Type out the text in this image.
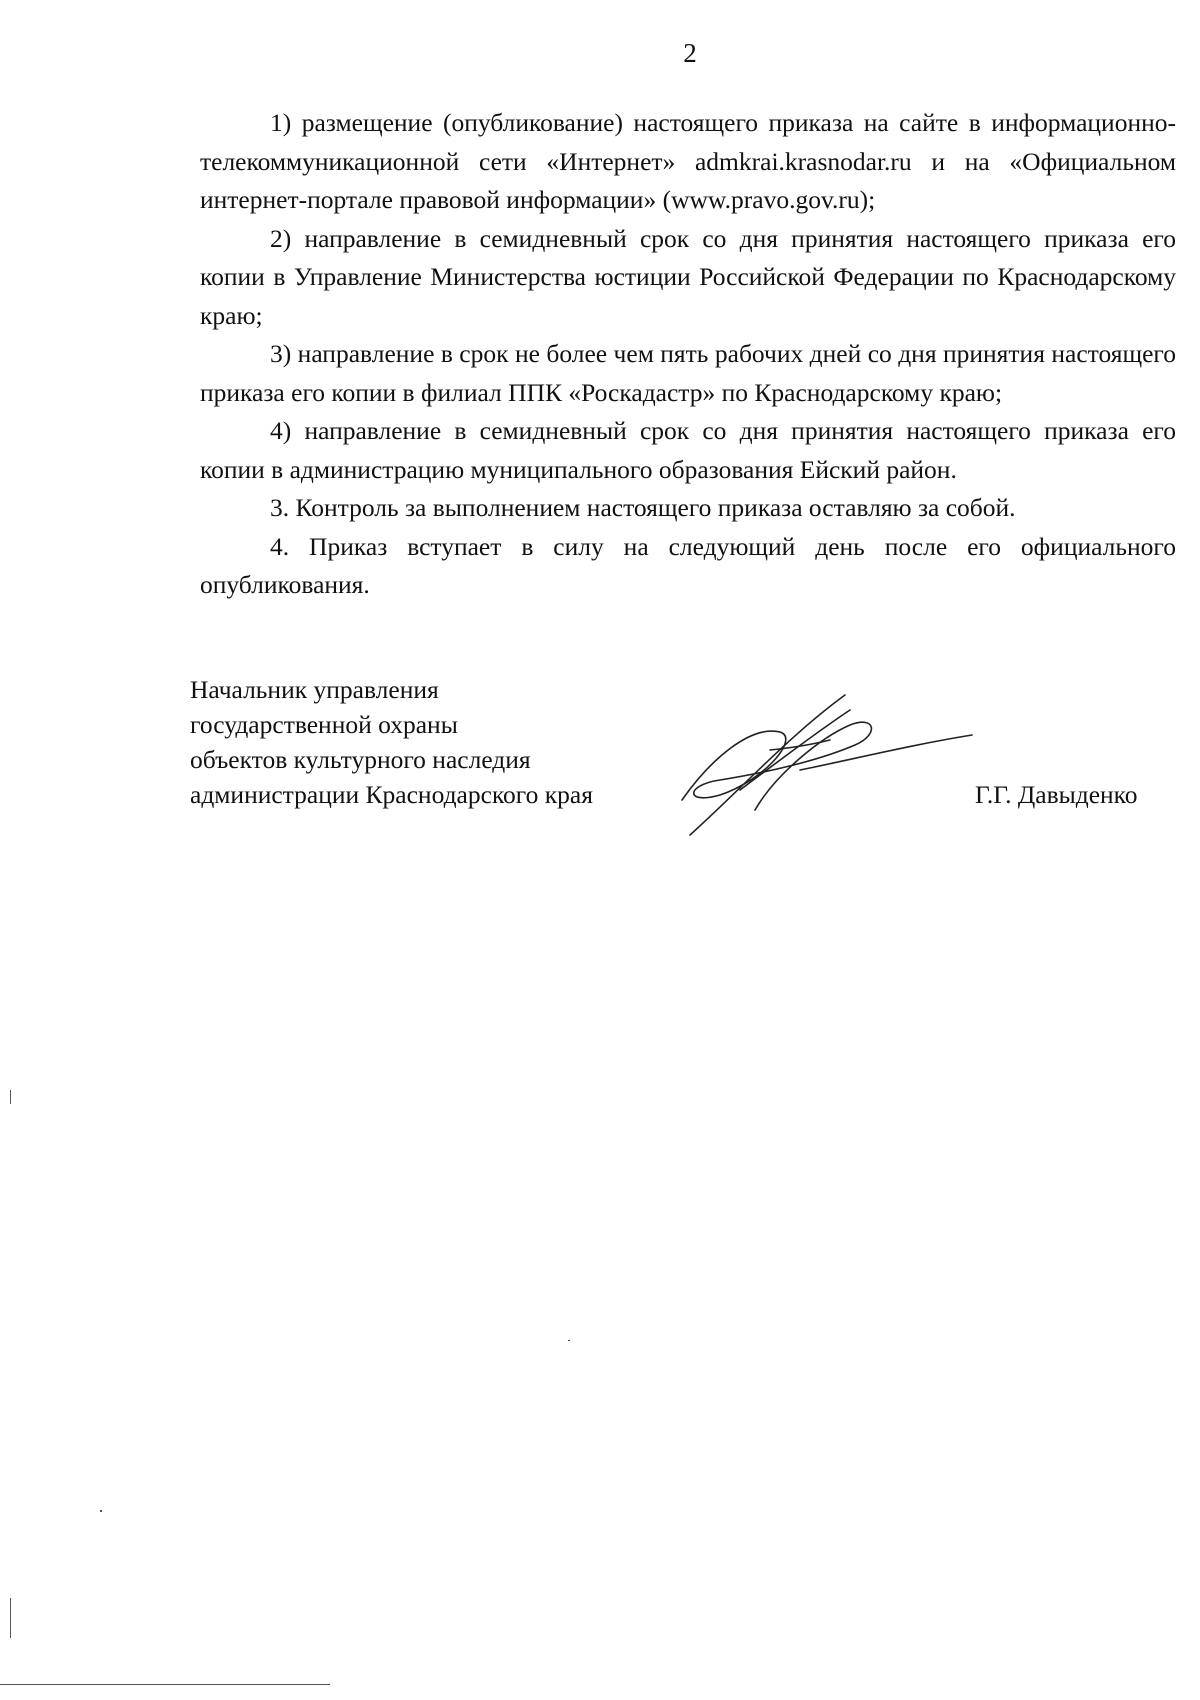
2

1) размещение (опубликование) настоящего приказа на сайте в информационно-телекоммуникационной сети «Интернет» admkrai.krasnodar.ru и на «Официальном интернет-портале правовой информации» (www.pravo.gov.ru);

2) направление в семидневный срок со дня принятия настоящего приказа его копии в Управление Министерства юстиции Российской Федерации по Краснодарскому краю;

3) направление в срок не более чем пять рабочих дней со дня принятия настоящего приказа его копии в филиал ППК «Роскадастр» по Краснодарскому краю;

4) направление в семидневный срок со дня принятия настоящего приказа его копии в администрацию муниципального образования Ейский район.

3. Контроль за выполнением настоящего приказа оставляю за собой.

4. Приказ вступает в силу на следующий день после его официального опубликования.

Начальник управления
государственной охраны
объектов культурного наследия
администрации Краснодарского края	Г.Г. Давыденко
